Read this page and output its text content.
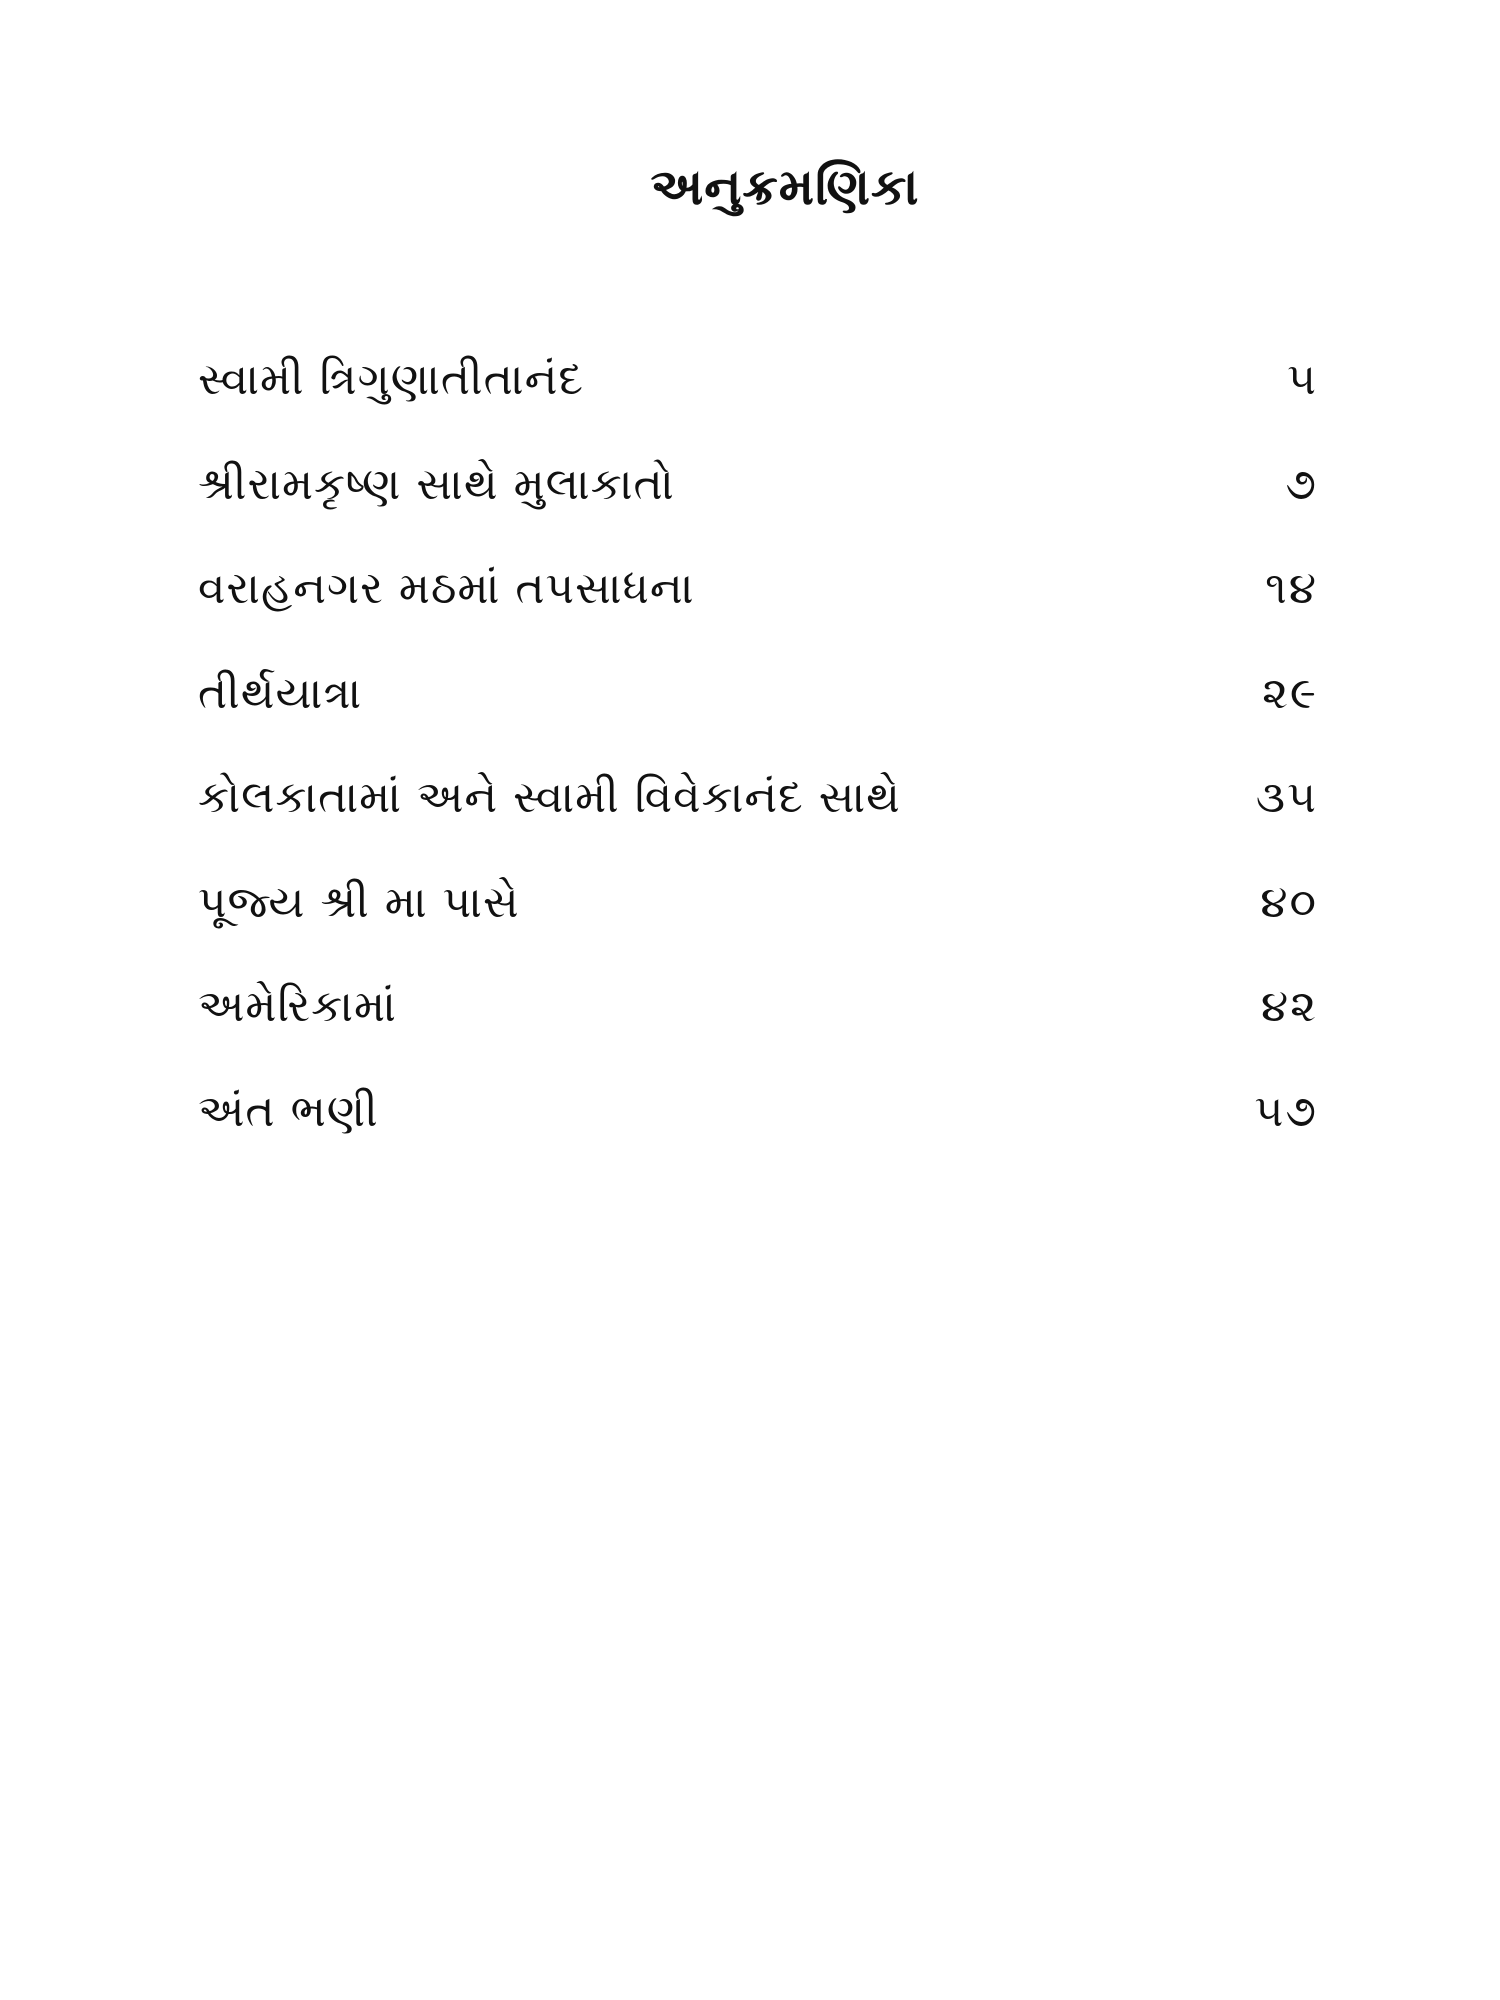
અનુક્રમણિકા
સ્વામી ત્રિગુણાતીતાનંદ	૫
શ્રીરામકૃષ્ણ સાથે મુલાકાતો	૭
વરાહનગર મઠમાં તપસાધના	૧૪
તીર્થયાત્રા	૨૯
કોલકાતામાં અને સ્વામી વિવેકાનંદ સાથે	૩૫
પૂજ્ય શ્રી મા પાસે	૪૦
અમેરિકામાં	૪૨
અંત ભણી	૫૭
